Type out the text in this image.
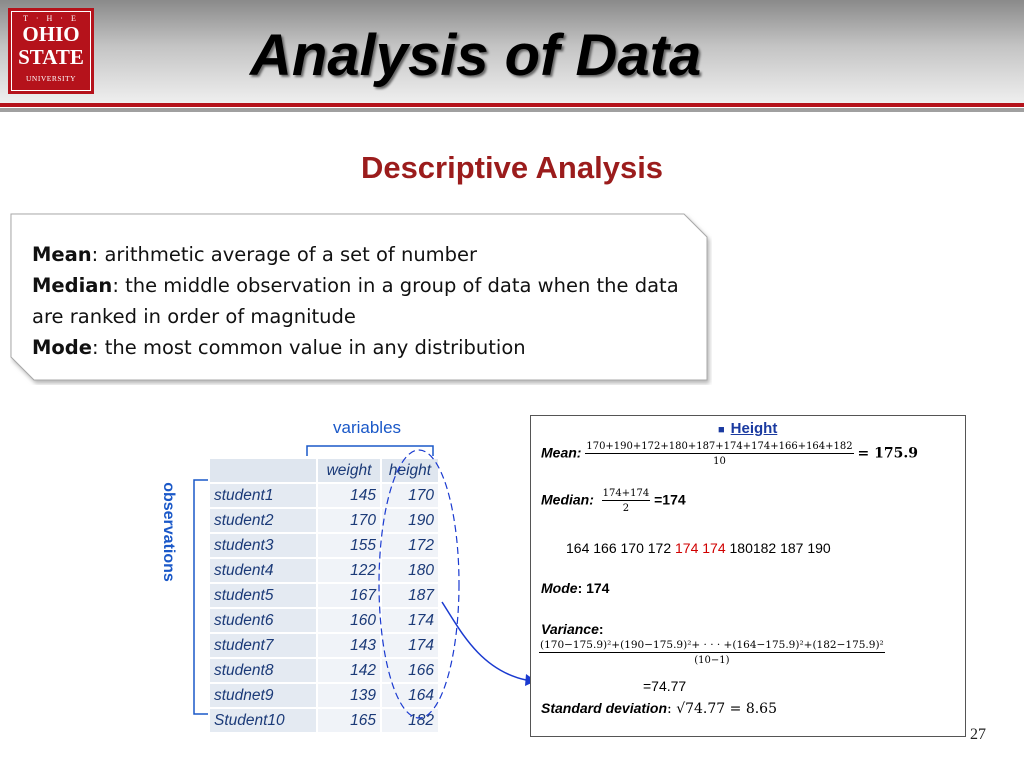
T · H · E
OHIO
STATE
UNIVERSITY	Analysis of Data
Descriptive Analysis
Mean: arithmetic average of a set of number
Median: the middle observation in a group of data when the data are ranked in order of magnitude
Mode: the most common value in any distribution
variables
observations
	weight	height
student1	145	170
student2	170	190
student3	155	172
student4	122	180
student5	167	187
student6	160	174
student7	143	174
student8	142	166
studnet9	139	164
Student10	165	182
■ Height
Mean: $\frac{170+190+172+180+187+174+174+166+164+182}{10} = 175.9$
Median: $\frac{174+174}{2} =174$
164 166 170 172 174 174 180182 187 190
Mode: 174
Variance:
$\frac{\text{(170−175.9)²+(190−175.9)²+ · · · +(164−175.9)²+(182−175.9)²}}{(10-1)}$
=74.77
Standard deviation: √74.77 = 8.65
27
